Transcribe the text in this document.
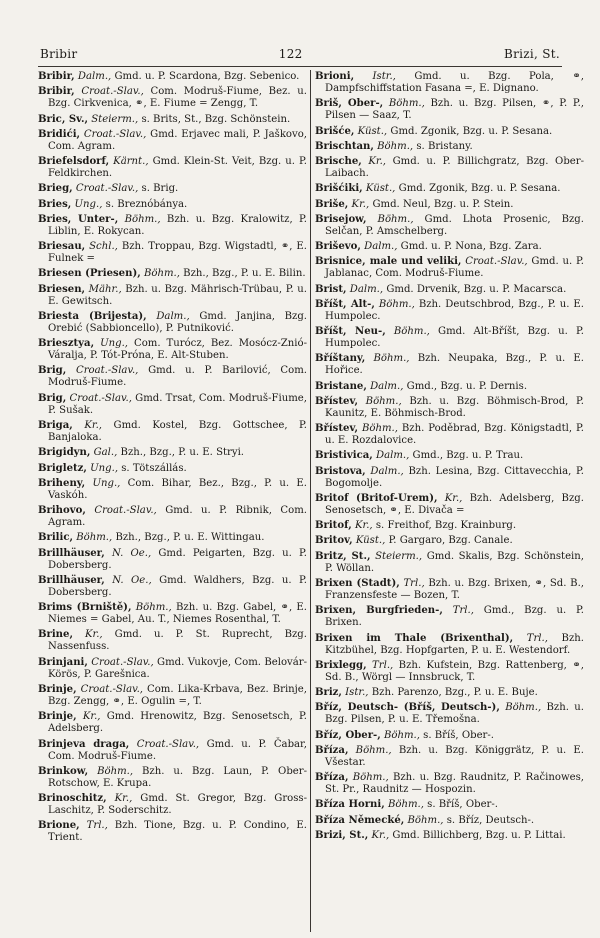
Bribir	122	Brizi, St.

Bribir, Dalm., Gmd. u. P. Scardona, Bzg. Sebenico.

Bribir, Croat.-Slav., Com. Modruš-Fiume, Bez. u. Bzg. Cirkvenica, ⚭, E. Fiume = Zengg, T.

Bric, Sv., Steierm., s. Brits, St., Bzg. Schönstein.

Bridići, Croat.-Slav., Gmd. Erjavec mali, P. Jaškovo, Com. Agram.

Briefelsdorf, Kärnt., Gmd. Klein-St. Veit, Bzg. u. P. Feldkirchen.

Brieg, Croat.-Slav., s. Brig.

Bries, Ung., s. Breznóbánya.

Bries, Unter-, Böhm., Bzh. u. Bzg. Kralowitz, P. Liblin, E. Rokycan.

Briesau, Schl., Bzh. Troppau, Bzg. Wigstadtl, ⚭, E. Fulnek =

Briesen (Priesen), Böhm., Bzh., Bzg., P. u. E. Bilin.

Briesen, Mähr., Bzh. u. Bzg. Mährisch-Trübau, P. u. E. Gewitsch.

Briesta (Brijesta), Dalm., Gmd. Janjina, Bzg. Orebić (Sabbioncello), P. Putniković.

Brieszt​ya, Ung., Com. Turócz, Bez. Mosócz-Znió-Váralja, P. Tót-Próna, E. Alt-Stuben.

Brig, Croat.-Slav., Gmd. u. P. Barilović, Com. Modruš-Fiume.

Brig, Croat.-Slav., Gmd. Trsat, Com. Modruš-Fiume, P. Sušak.

Briga, Kr., Gmd. Kostel, Bzg. Gottschee, P. Banjaloka.

Brigidyn, Gal., Bzh., Bzg., P. u. E. Stryi.

Brigletz, Ung., s. Tötszállás.

Briheny, Ung., Com. Bihar, Bez., Bzg., P. u. E. Vaskóh.

Brihovo, Croat.-Slav., Gmd. u. P. Ribnik, Com. Agram.

Brilic, Böhm., Bzh., Bzg., P. u. E. Wittingau.

Brillhäuser, N. Oe., Gmd. Peigarten, Bzg. u. P. Dobersberg.

Brillhäuser, N. Oe., Gmd. Waldhers, Bzg. u. P. Dobersberg.

Brims (Brniště), Böhm., Bzh. u. Bzg. Gabel, ⚭, E. Niemes = Gabel, Au. T., Niemes Rosenthal, T.

Brine, Kr., Gmd. u. P. St. Ruprecht, Bzg. Nassenfuss.

Brinjani, Croat.-Slav., Gmd. Vukovje, Com. Belovár-Körös, P. Garešnica.

Brinje, Croat.-Slav., Com. Lika-Krbava, Bez. Brinje, Bzg. Zengg, ⚭, E. Ogulin =, T.

Brinje, Kr., Gmd. Hrenowitz, Bzg. Senosetsch, P. Adelsberg.

Brinjeva draga, Croat.-Slav., Gmd. u. P. Čabar, Com. Modruš-Fiume.

Brinkow, Böhm., Bzh. u. Bzg. Laun, P. Ober-Rotschow, E. Krupa.

Brinoschitz, Kr., Gmd. St. Gregor, Bzg. Gross-Laschitz, P. Soderschitz.

Brione, Trl., Bzh. Tione, Bzg. u. P. Condino, E. Trient.

Brioni, Istr., Gmd. u. Bzg. Pola, ⚭, Dampfschiffstation Fasana =, E. Dignano.

Briš, Ober-, Böhm., Bzh. u. Bzg. Pilsen, ⚭, P. P., Pilsen — Saaz, T.

Brišće, Küst., Gmd. Zgonik, Bzg. u. P. Sesana.

Brischtan, Böhm., s. Bristany.

Brische, Kr., Gmd. u. P. Billichgratz, Bzg. Ober-Laibach.

Brišćiki, Küst., Gmd. Zgonik, Bzg. u. P. Sesana.

Briše, Kr., Gmd. Neul, Bzg. u. P. Stein.

Brisejow, Böhm., Gmd. Lhota Prosenic, Bzg. Selčan, P. Amschelberg.

Briševo, Dalm., Gmd. u. P. Nona, Bzg. Zara.

Brisnice, male und veliki, Croat.-Slav., Gmd. u. P. Jablanac, Com. Modruš-Fiume.

Brist, Dalm., Gmd. Drvenik, Bzg. u. P. Macarsca.

Bříšt, Alt-, Böhm., Bzh. Deutschbrod, Bzg., P. u. E. Humpolec.

Bříšt, Neu-, Böhm., Gmd. Alt-Bříšt, Bzg. u. P. Humpolec.

Bříštany, Böhm., Bzh. Neupaka, Bzg., P. u. E. Hořice.

Bristane, Dalm., Gmd., Bzg. u. P. Dernis.

Břístev, Böhm., Bzh. u. Bzg. Böhmisch-Brod, P. Kaunitz, E. Böhmisch-Brod.

Břístev, Böhm., Bzh. Poděbrad, Bzg. Königstadtl, P. u. E. Rozdalovice.

Bristivica, Dalm., Gmd., Bzg. u. P. Trau.

Bristova, Dalm., Bzh. Lesina, Bzg. Cittavecchia, P. Bogomolje.

Britof (Britof-Urem), Kr., Bzh. Adelsberg, Bzg. Senosetsch, ⚭, E. Divača =

Britof, Kr., s. Freithof, Bzg. Krainburg.

Britov, Küst., P. Gargaro, Bzg. Canale.

Britz, St., Steierm., Gmd. Skalis, Bzg. Schönstein, P. Wöllan.

Brixen (Stadt), Trl., Bzh. u. Bzg. Brixen, ⚭, Sd. B., Franzensfeste — Bozen, T.

Brixen, Burgfrieden-, Trl., Gmd., Bzg. u. P. Brixen.

Brixen im Thale (Brixenthal), Trl., Bzh. Kitzbühel, Bzg. Hopfgarten, P. u. E. Westendorf.

Brixlegg, Trl., Bzh. Kufstein, Bzg. Rattenberg, ⚭, Sd. B., Wörgl — Innsbruck, T.

Briz, Istr., Bzh. Parenzo, Bzg., P. u. E. Buje.

Bříz, Deutsch- (Bříš, Deutsch-), Böhm., Bzh. u. Bzg. Pilsen, P. u. E. Třemošna.

Bříz, Ober-, Böhm., s. Bříš, Ober-.

Bříza, Böhm., Bzh. u. Bzg. Königgrätz, P. u. E. Všestar.

Bříza, Böhm., Bzh. u. Bzg. Raudnitz, P. Račinowes, St. Pr., Raudnitz — Hospozin.

Bříza Horni, Böhm., s. Bříš, Ober-.

Bříza Německé, Böhm., s. Bříz, Deutsch-.

Brizi, St., Kr., Gmd. Billichberg, Bzg. u. P. Littai.
